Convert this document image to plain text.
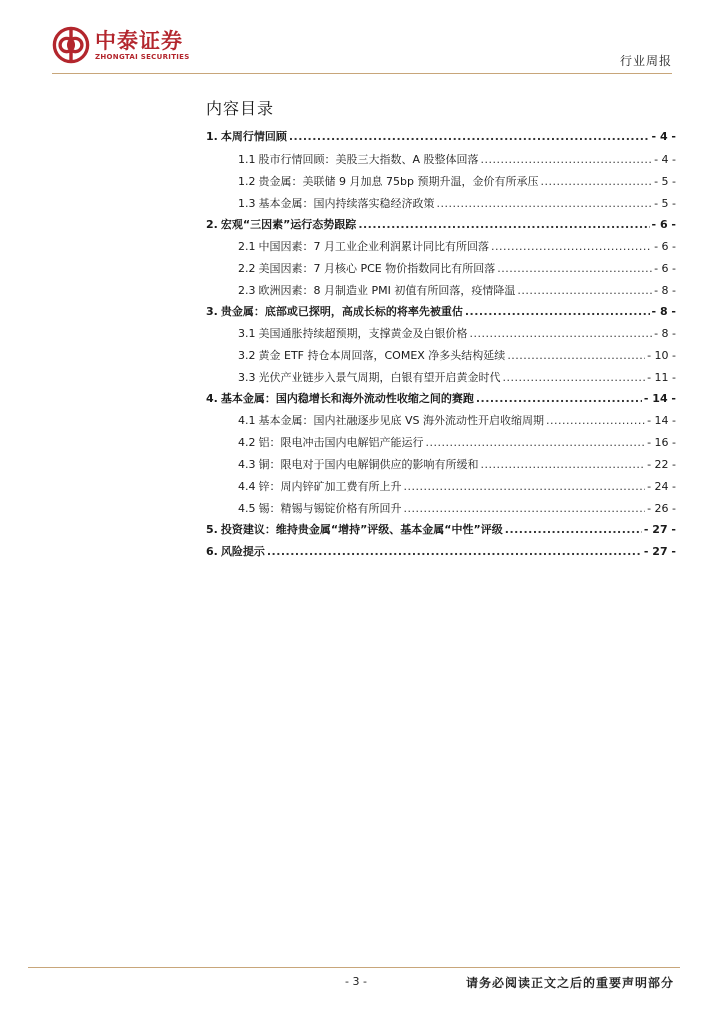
中泰证券
ZHONGTAI SECURITIES	行业周报
内容目录
1. 本周行情回顾 .....	- 4 -
1.1 股市行情回顾：美股三大指数、A 股整体回落 .....	- 4 -
1.2 贵金属：美联储 9 月加息 75bp 预期升温，金价有所承压 .....	- 5 -
1.3 基本金属：国内持续落实稳经济政策 .....	- 5 -
2. 宏观“三因素”运行态势跟踪 .....	- 6 -
2.1 中国因素：7 月工业企业利润累计同比有所回落 .....	- 6 -
2.2 美国因素：7 月核心 PCE 物价指数同比有所回落 .....	- 6 -
2.3 欧洲因素：8 月制造业 PMI 初值有所回落，疫情降温 .....	- 8 -
3. 贵金属：底部或已探明，高成长标的将率先被重估 .....	- 8 -
3.1 美国通胀持续超预期，支撑黄金及白银价格 .....	- 8 -
3.2 黄金 ETF 持仓本周回落，COMEX 净多头结构延续 .....	- 10 -
3.3 光伏产业链步入景气周期，白银有望开启黄金时代 .....	- 11 -
4. 基本金属：国内稳增长和海外流动性收缩之间的赛跑 .....	- 14 -
4.1 基本金属：国内社融逐步见底 VS 海外流动性开启收缩周期 .....	- 14 -
4.2 铝：限电冲击国内电解铝产能运行 .....	- 16 -
4.3 铜：限电对于国内电解铜供应的影响有所缓和 .....	- 22 -
4.4 锌：周内锌矿加工费有所上升 .....	- 24 -
4.5 锡：精锡与锡锭价格有所回升 .....	- 26 -
5. 投资建议：维持贵金属“增持”评级、基本金属“中性”评级 .....	- 27 -
6. 风险提示 .....	- 27 -
- 3 -	请务必阅读正文之后的重要声明部分
